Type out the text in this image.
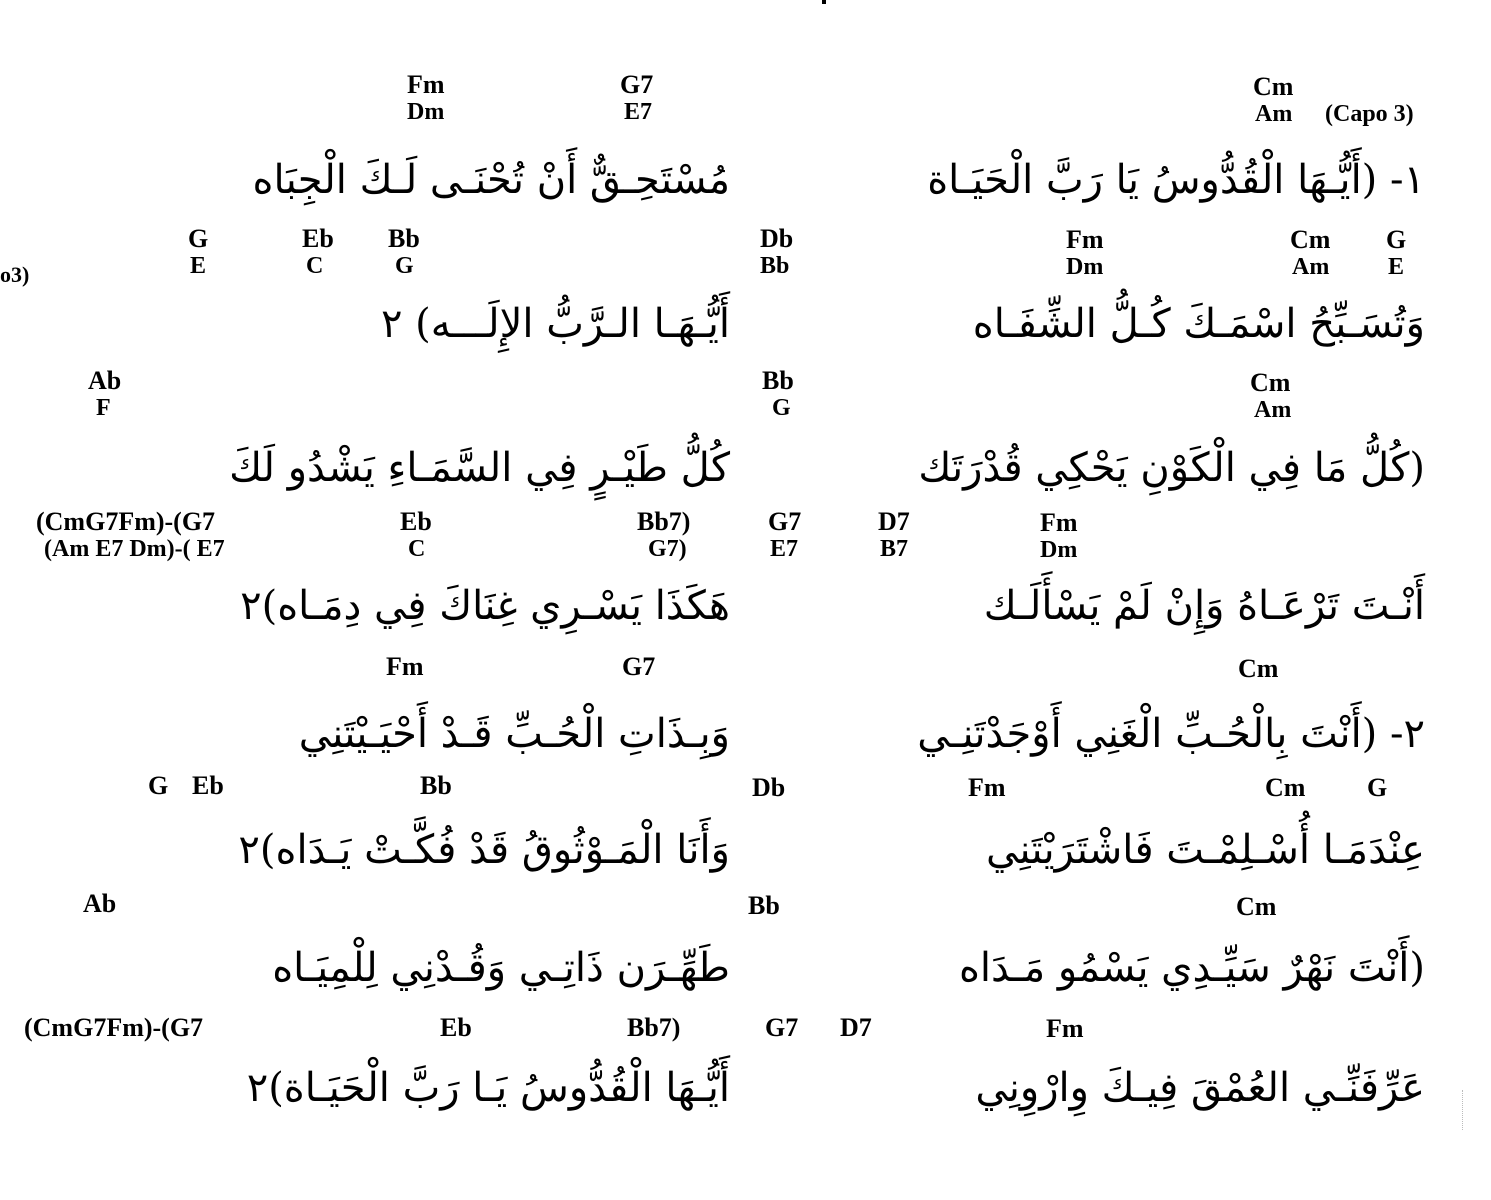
o3)
Fm
Dm
G7
E7
Cm
Am (Capo 3)
١- (أَيُّـهَا الْقُدُّوسُ يَا رَبَّ الْحَيَـاة
مُسْتَحِـقٌّ أَنْ تُحْنَـى لَـكَ الْجِبَاه
G
E
Eb
C
Bb
G
Db
Bb
Fm
Dm
Cm
Am
G
E
وَتُسَـبِّحُ اسْمَـكَ كُـلُّ الشِّفَـاه
أَيُّـهَـا الـرَّبُّ الإِلَـــه) ٢
Ab
F
Bb
G
Cm
Am
(كُلُّ مَا فِي الْكَوْنِ يَحْكِي قُدْرَتَك
كُلُّ طَيْـرٍ فِي السَّمَـاءِ يَشْدُو لَكَ
(CmG7Fm)-(G7
(Am E7 Dm)-( E7
Eb
C
Bb7)
G7)
G7
E7
D7
B7
Fm
Dm
أَنْـتَ تَرْعَـاهُ وَإِنْ لَمْ يَسْأَلَـك
هَكَذَا يَسْـرِي غِنَاكَ فِي دِمَـاه)٢
Fm	G7	Cm
٢- (أَنْتَ بِالْحُـبِّ الْغَنِي أَوْجَدْتَنِـي
وَبِـذَاتِ الْحُـبِّ قَـدْ أَحْيَـيْتَنِي
G Eb	Bb	Db	Fm	Cm G
عِنْدَمَـا أُسْـلِمْـتَ فَاشْتَرَيْتَنِي
وَأَنَا الْمَـوْثُوقُ قَدْ فُكَّـتْ يَـدَاه)٢
Ab	Bb	Cm
(أَنْتَ نَهْرٌ سَيِّـدِي يَسْمُو مَـدَاه
طَهِّـرَن ذَاتِـي وَقُـدْنِي لِلْمِيَـاه
(CmG7Fm)-(G7	Eb	Bb7)	G7 D7	Fm
عَرِّفَنِّـي العُمْقَ فِيـكَ وِارْوِنِي
أَيُّـهَا الْقُدُّوسُ يَـا رَبَّ الْحَيَـاة)٢
